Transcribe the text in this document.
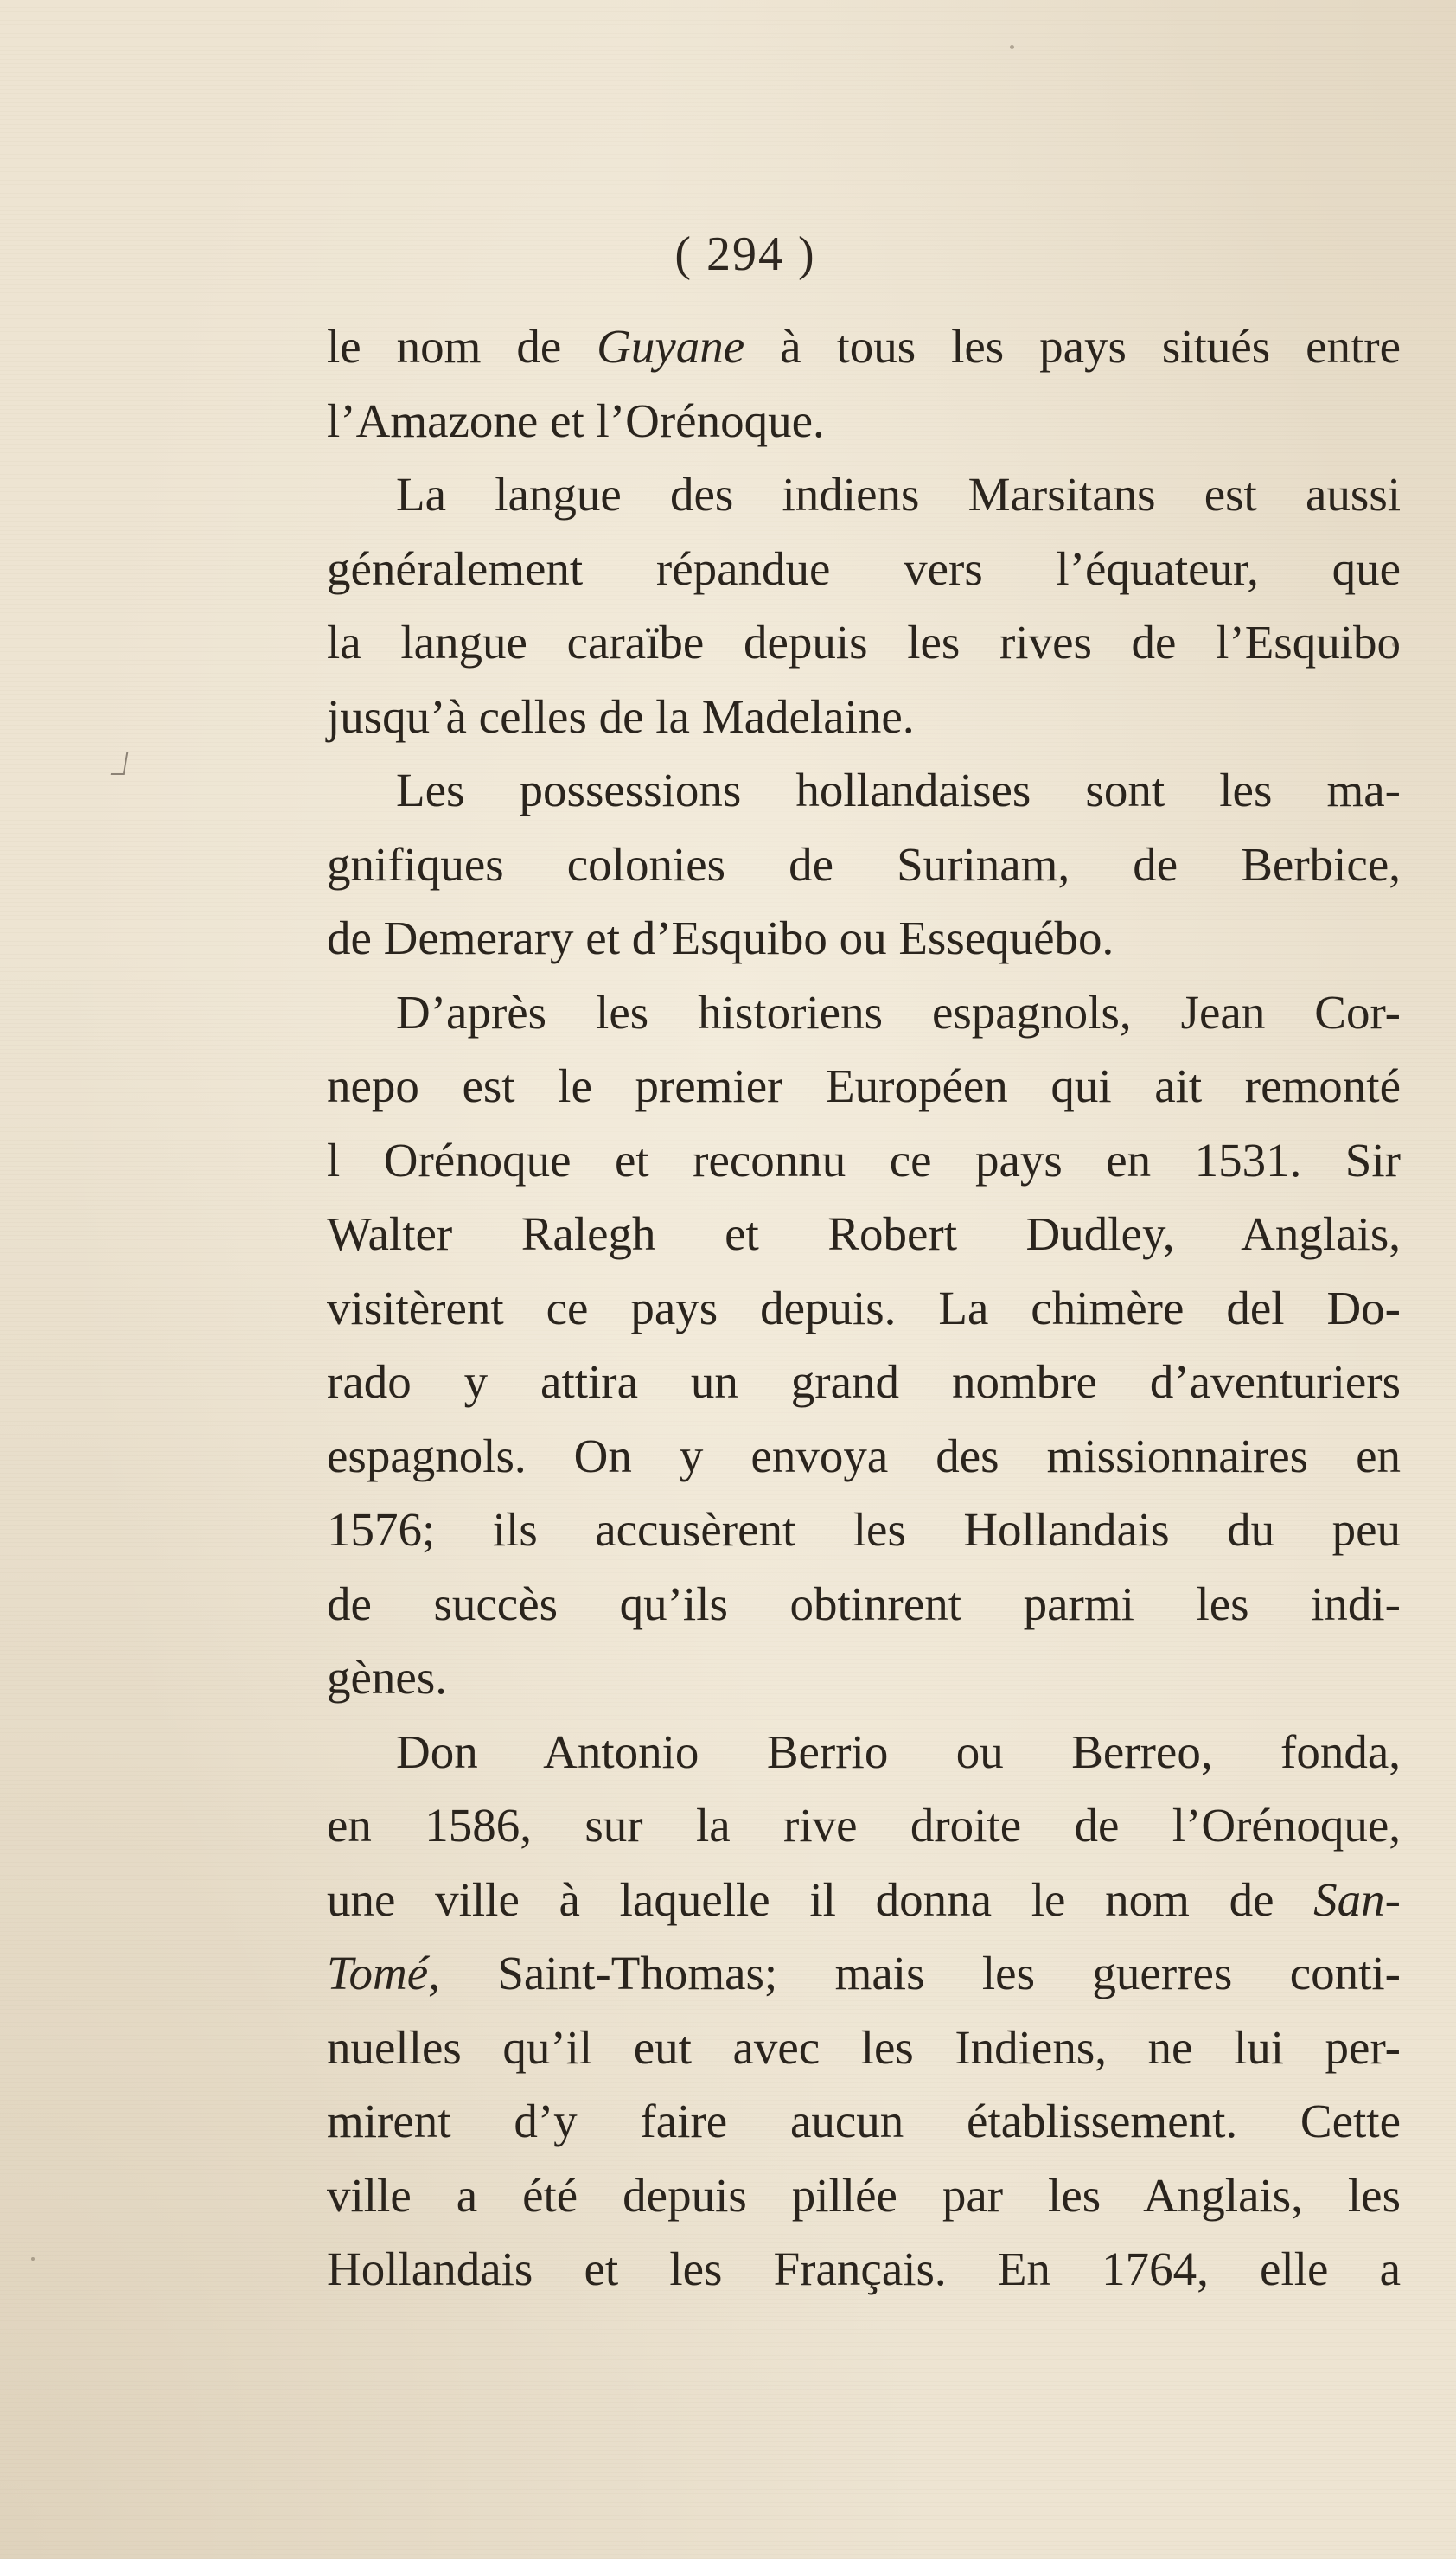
( 294 )
le nom de Guyane à tous les pays situés entre
l’Amazone et l’Orénoque.
La langue des indiens Marsitans est aussi
généralement répandue vers l’équateur, que
la langue caraïbe depuis les rives de l’Esquibo
jusqu’à celles de la Madelaine.
Les possessions hollandaises sont les ma-
gnifiques colonies de Surinam, de Berbice,
de Demerary et d’Esquibo ou Essequébo.
D’après les historiens espagnols, Jean Cor-
nepo est le premier Européen qui ait remonté
l Orénoque et reconnu ce pays en 1531. Sir
Walter Ralegh et Robert Dudley, Anglais,
visitèrent ce pays depuis. La chimère del Do-
rado y attira un grand nombre d’aventuriers
espagnols. On y envoya des missionnaires en
1576; ils accusèrent les Hollandais du peu
de succès qu’ils obtinrent parmi les indi-
gènes.
Don Antonio Berrio ou Berreo, fonda,
en 1586, sur la rive droite de l’Orénoque,
une ville à laquelle il donna le nom de San-
Tomé, Saint-Thomas; mais les guerres conti-
nuelles qu’il eut avec les Indiens, ne lui per-
mirent d’y faire aucun établissement. Cette
ville a été depuis pillée par les Anglais, les
Hollandais et les Français. En 1764, elle a
